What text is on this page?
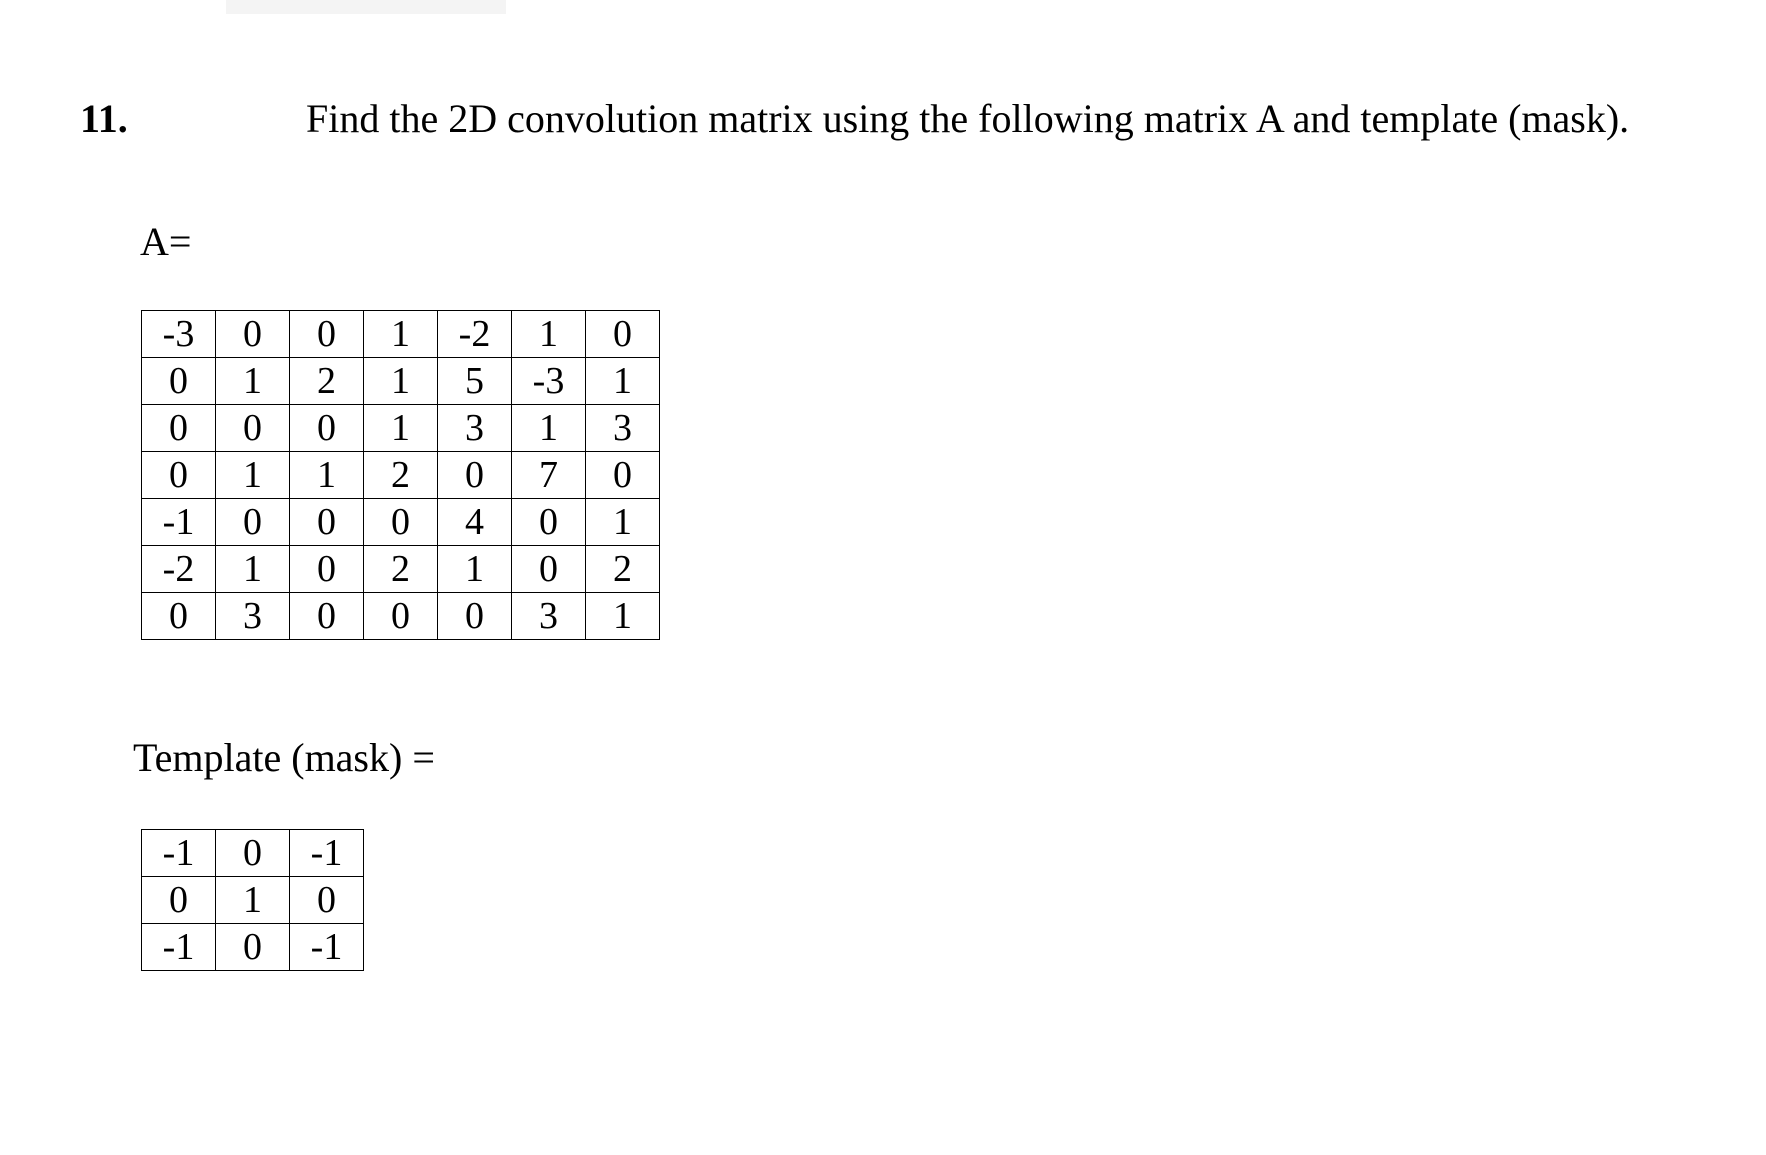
11.	Find the 2D convolution matrix using the following matrix A and template (mask).
A=
-3	0	0	1	-2	1	0
0	1	2	1	5	-3	1
0	0	0	1	3	1	3
0	1	1	2	0	7	0
-1	0	0	0	4	0	1
-2	1	0	2	1	0	2
0	3	0	0	0	3	1
Template (mask) =
-1	0	-1
0	1	0
-1	0	-1
